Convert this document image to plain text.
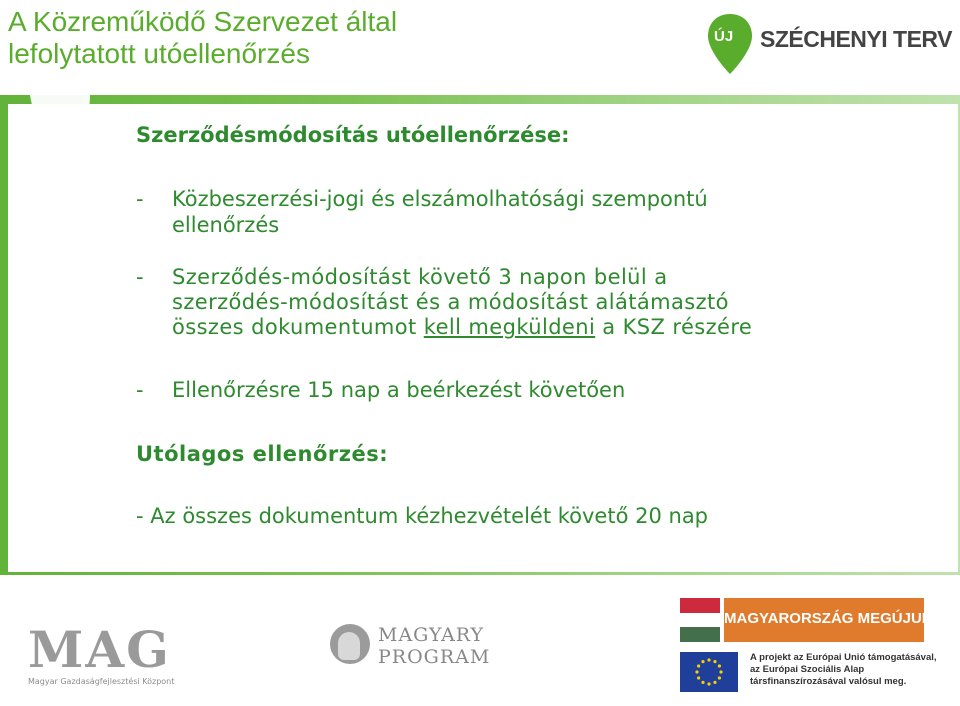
A Közreműködő Szervezet által
lefolytatott utóellenőrzés
ÚJ SZÉCHENYI TERV
Szerződésmódosítás utóellenőrzése:
-	Közbeszerzési-jogi és elszámolhatósági szempontú
ellenőrzés
-	Szerződés-módosítást követő 3 napon belül a
szerződés-módosítást és a módosítást alátámasztó
összes dokumentumot kell megküldeni a KSZ részére
-	Ellenőrzésre 15 nap a beérkezést követően
Utólagos ellenőrzés:
- Az összes dokumentum kézhezvételét követő 20 nap
MAG
Magyar Gazdaságfejlesztési Központ
MAGYARY
PROGRAM
MAGYARORSZÁG MEGÚJUL
A projekt az Európai Unió támogatásával,
az Európai Szociális Alap
társfinanszírozásával valósul meg.
